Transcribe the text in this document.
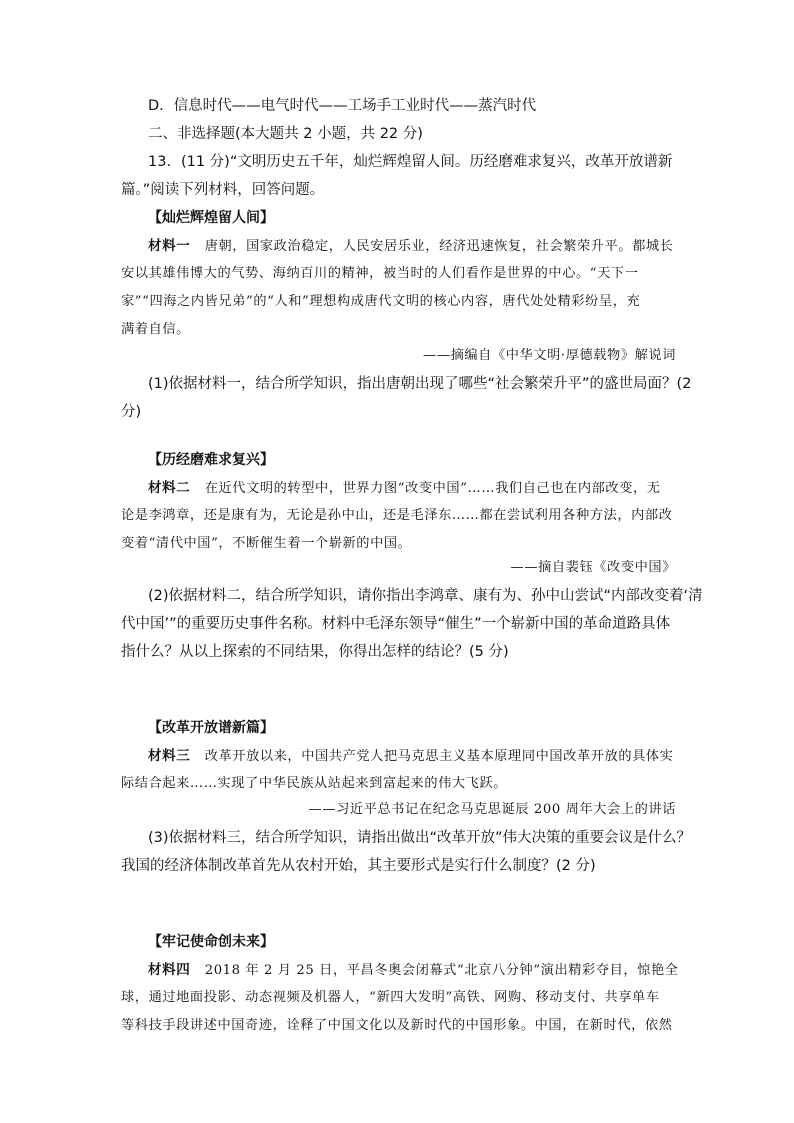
D．信息时代——电气时代——工场手工业时代——蒸汽时代
二、非选择题(本大题共 2 小题，共 22 分)
13．(11 分)“文明历史五千年，灿烂辉煌留人间。历经磨难求复兴，改革开放谱新
篇。”阅读下列材料，回答问题。
【灿烂辉煌留人间】
材料一 唐朝，国家政治稳定，人民安居乐业，经济迅速恢复，社会繁荣升平。都城长
安以其雄伟博大的气势、海纳百川的精神，被当时的人们看作是世界的中心。“天下一
家”“四海之内皆兄弟”的“人和”理想构成唐代文明的核心内容，唐代处处精彩纷呈，充
满着自信。
——摘编自《中华文明·厚德载物》解说词
(1)依据材料一，结合所学知识，指出唐朝出现了哪些“社会繁荣升平”的盛世局面？(2
分)
【历经磨难求复兴】
材料二 在近代文明的转型中，世界力图“改变中国”……我们自己也在内部改变，无
论是李鸿章，还是康有为，无论是孙中山，还是毛泽东……都在尝试利用各种方法，内部改
变着“清代中国”，不断催生着一个崭新的中国。
——摘自裴钰《改变中国》
(2)依据材料二，结合所学知识，请你指出李鸿章、康有为、孙中山尝试“内部改变着‘清
代中国’”的重要历史事件名称。材料中毛泽东领导“催生”一个崭新中国的革命道路具体
指什么？从以上探索的不同结果，你得出怎样的结论？(5 分)
【改革开放谱新篇】
材料三 改革开放以来，中国共产党人把马克思主义基本原理同中国改革开放的具体实
际结合起来……实现了中华民族从站起来到富起来的伟大飞跃。
——习近平总书记在纪念马克思诞辰 200 周年大会上的讲话
(3)依据材料三，结合所学知识，请指出做出“改革开放”伟大决策的重要会议是什么？
我国的经济体制改革首先从农村开始，其主要形式是实行什么制度？(2 分)
【牢记使命创未来】
材料四 2018 年 2 月 25 日，平昌冬奥会闭幕式“北京八分钟”演出精彩夺目，惊艳全
球，通过地面投影、动态视频及机器人，“新四大发明”高铁、网购、移动支付、共享单车
等科技手段讲述中国奇迹，诠释了中国文化以及新时代的中国形象。中国，在新时代，依然
